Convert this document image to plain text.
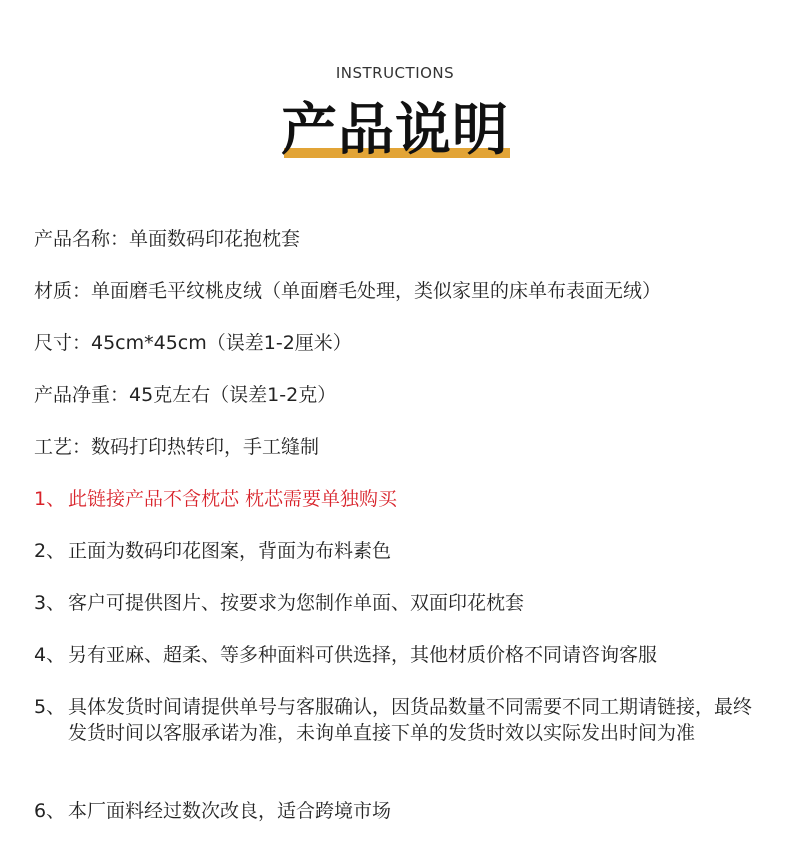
INSTRUCTIONS
产品说明
产品名称：单面数码印花抱枕套
材质：单面磨毛平纹桃皮绒（单面磨毛处理，类似家里的床单布表面无绒）
尺寸：45cm*45cm（误差1-2厘米）
产品净重：45克左右（误差1-2克）
工艺：数码打印热转印，手工缝制
1、 此链接产品不含枕芯 枕芯需要单独购买
2、 正面为数码印花图案，背面为布料素色
3、 客户可提供图片、按要求为您制作单面、双面印花枕套
4、 另有亚麻、超柔、等多种面料可供选择，其他材质价格不同请咨询客服
5、 具体发货时间请提供单号与客服确认，因货品数量不同需要不同工期请链接，最终发货时间以客服承诺为准，未询单直接下单的发货时效以实际发出时间为准
6、 本厂面料经过数次改良，适合跨境市场
